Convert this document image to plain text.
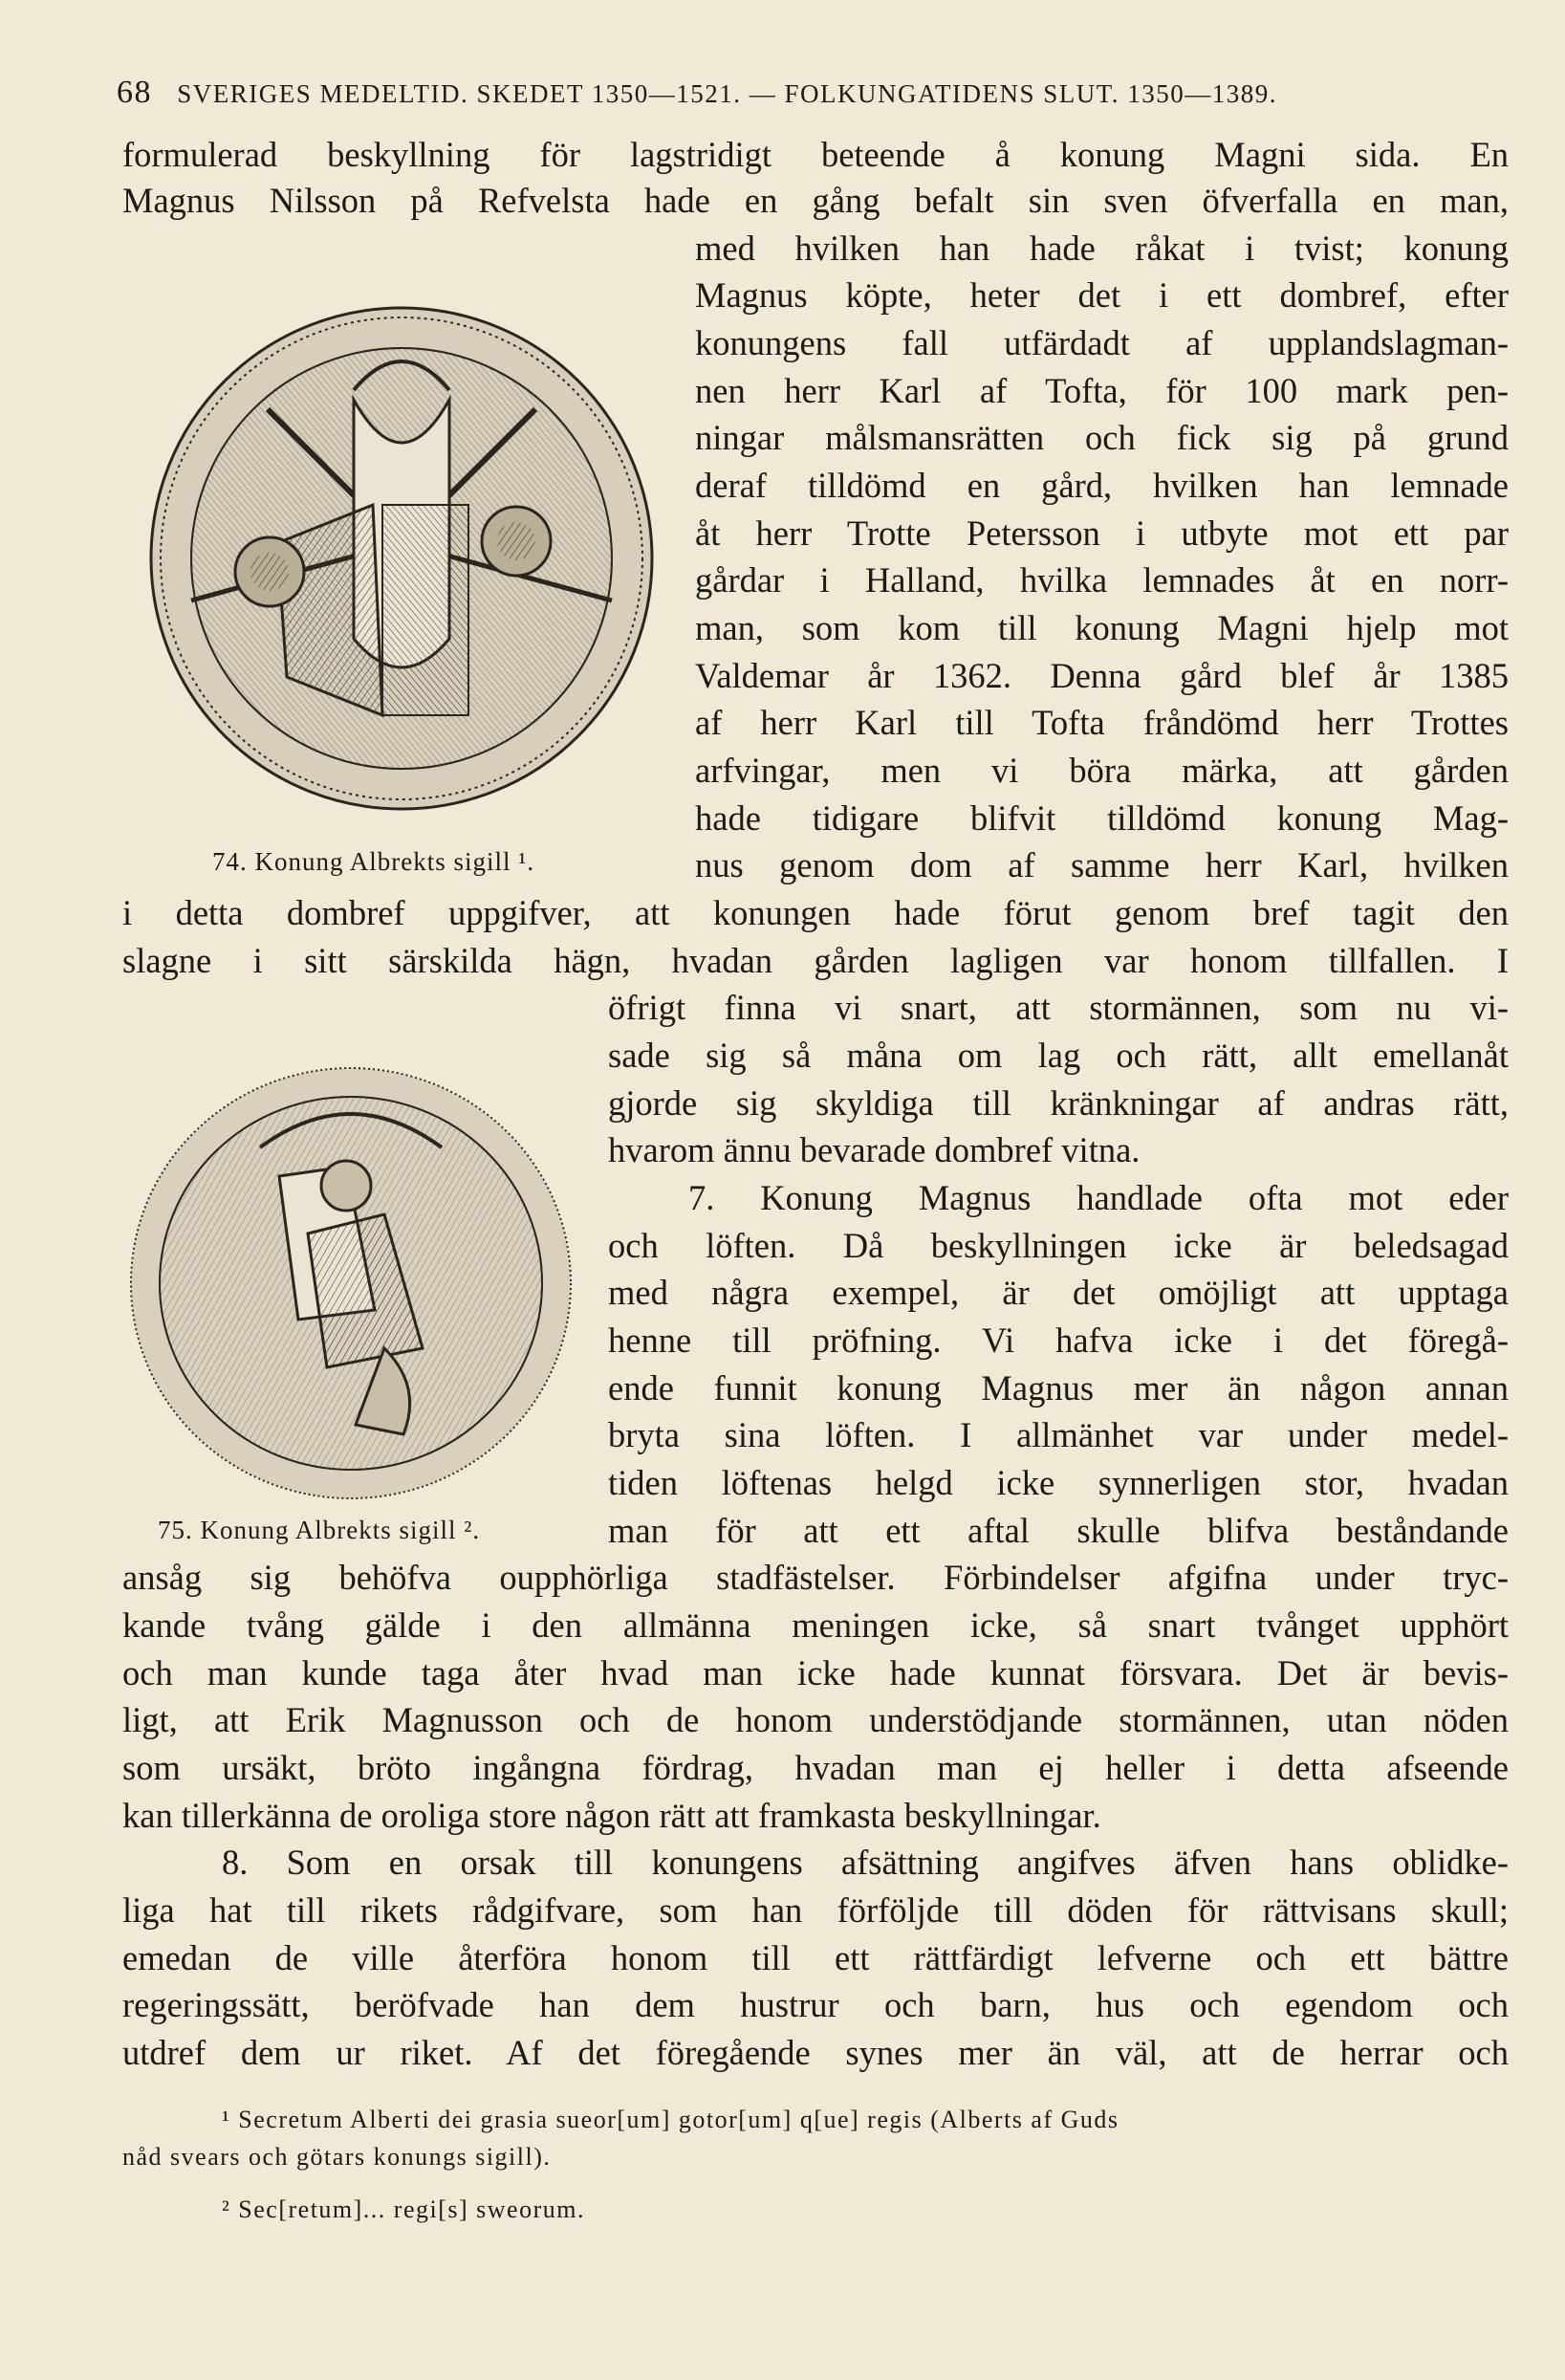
68 SVERIGES MEDELTID. SKEDET 1350—1521. — FOLKUNGATIDENS SLUT. 1350—1389.
74. Konung Albrekts sigill ¹.
75. Konung Albrekts sigill ².
formulerad beskyllning för lagstridigt beteende å konung Magni sida. En
Magnus Nilsson på Refvelsta hade en gång befalt sin sven öfverfalla en man,
med hvilken han hade råkat i tvist; konung
Magnus köpte, heter det i ett dombref, efter
konungens fall utfärdadt af upplandslagman-
nen herr Karl af Tofta, för 100 mark pen-
ningar målsmansrätten och fick sig på grund
deraf tilldömd en gård, hvilken han lemnade
åt herr Trotte Petersson i utbyte mot ett par
gårdar i Halland, hvilka lemnades åt en norr-
man, som kom till konung Magni hjelp mot
Valdemar år 1362. Denna gård blef år 1385
af herr Karl till Tofta fråndömd herr Trottes
arfvingar, men vi böra märka, att gården
hade tidigare blifvit tilldömd konung Mag-
nus genom dom af samme herr Karl, hvilken
i detta dombref uppgifver, att konungen hade förut genom bref tagit den
slagne i sitt särskilda hägn, hvadan gården lagligen var honom tillfallen. I
öfrigt finna vi snart, att stormännen, som nu vi-
sade sig så måna om lag och rätt, allt emellanåt
gjorde sig skyldiga till kränkningar af andras rätt,
hvarom ännu bevarade dombref vitna.
7. Konung Magnus handlade ofta mot eder
och löften. Då beskyllningen icke är beledsagad
med några exempel, är det omöjligt att upptaga
henne till pröfning. Vi hafva icke i det föregå-
ende funnit konung Magnus mer än någon annan
bryta sina löften. I allmänhet var under medel-
tiden löftenas helgd icke synnerligen stor, hvadan
man för att ett aftal skulle blifva beståndande
ansåg sig behöfva oupphörliga stadfästelser. Förbindelser afgifna under tryc-
kande tvång gälde i den allmänna meningen icke, så snart tvånget upphört
och man kunde taga åter hvad man icke hade kunnat försvara. Det är bevis-
ligt, att Erik Magnusson och de honom understödjande stormännen, utan nöden
som ursäkt, bröto ingångna fördrag, hvadan man ej heller i detta afseende
kan tillerkänna de oroliga store någon rätt att framkasta beskyllningar.
8. Som en orsak till konungens afsättning angifves äfven hans oblidke-
liga hat till rikets rådgifvare, som han förföljde till döden för rättvisans skull;
emedan de ville återföra honom till ett rättfärdigt lefverne och ett bättre
regeringssätt, beröfvade han dem hustrur och barn, hus och egendom och
utdref dem ur riket. Af det föregående synes mer än väl, att de herrar och
¹ Secretum Alberti dei grasia sueor[um] gotor[um] q[ue] regis (Alberts af Guds
nåd svears och götars konungs sigill).
² Sec[retum]... regi[s] sweorum.
